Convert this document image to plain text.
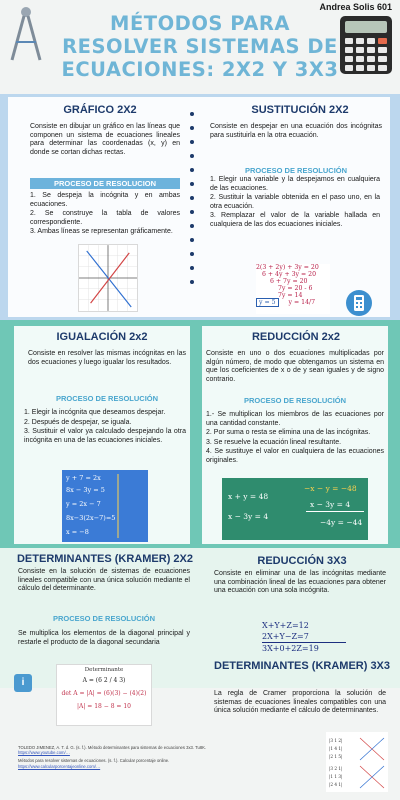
Andrea Solis 601
MÉTODOS PARA
RESOLVER SISTEMAS DE
ECUACIONES: 2X2 Y 3X3
GRÁFICO 2X2
Consiste en dibujar un gráfico en las líneas que componen un sistema de ecuaciones lineales para determinar las coordenadas (x, y) en donde se cortan dichas rectas.
PROCESO DE RESOLUCION

1. Se despeja la incógnita y en ambas ecuaciones.

2. Se construye la tabla de valores correspondiente.

3. Ambas líneas se representan gráficamente.

SUSTITUCIÓN 2X2
Consiste en despejar en una ecuación dos incógnitas para sustituirla en la otra ecuación.
PROCESO DE RESOLUCIÓN

1. Elegir una variable y la despejamos en cualquiera de las ecuaciones.

2. Sustituir la variable obtenida en el paso uno, en la otra ecuación.

3. Remplazar el valor de la variable hallada en cualquiera de las dos ecuaciones iniciales.

2(3 + 2y) + 3y = 20
6 + 4y + 3y = 20
6 + 7y = 20
7y = 20 - 6
7y = 14
y = 5 y = 14/7
IGUALACIÓN 2x2
Consiste en resolver las mismas incógnitas en las dos ecuaciones y luego igualar los resultados.
PROCESO DE RESOLUCIÓN

1. Elegir la incógnita que deseamos despejar.

2. Después de despejar, se iguala.

3. Sustituir el valor ya calculado despejando la otra incógnita en una de las ecuaciones iniciales.

y + 7 = 2x
8x − 3y = 5
y = 2x − 7
8x−3(2x−7)=5
x = −8
REDUCCIÓN 2x2
Consiste en uno o dos ecuaciones multiplicadas por algún número, de modo que obtengamos un sistema en que los coeficientes de x o de y sean iguales y de signo contrario.
PROCESO DE RESOLUCIÓN

1.- Se multiplican los miembros de las ecuaciones por una cantidad constante.

2. Por suma o resta se elimina una de las incógnitas.

3. Se resuelve la ecuación lineal resultante.

4. Se sustituye el valor en cualquiera de las ecuaciones originales.

x + y = 48
x − 3y = 4
−x − y = −48
x − 3y = 4
−4y = −44
DETERMINANTES (KRAMER) 2X2
Consiste en la solución de sistemas de ecuaciones lineales compatible con una única solución mediante el cálculo del determinante.
PROCESO DE RESOLUCIÓN
Se multiplica los elementos de la diagonal principal y restarle el producto de la diagonal secundaria
Determinante
A = (6 2 / 4 3)
det A = |A| = (6)(3) − (4)(2)
|A| = 18 − 8 = 10
i
REDUCCIÓN 3X3
Consiste en eliminar una de las incógnitas mediante una combinación lineal de las ecuaciones para obtener una ecuación con una sola incógnita.
X+Y+Z=12
2X+Y−Z=7
3X+0+2Z=19
DETERMINANTES (KRAMER) 3X3
La regla de Cramer proporciona la solución de sistemas de ecuaciones lineales compatibles con una única solución mediante el cálculo de determinantes.

TOLEDO JIMENEZ, A. T. d. G. (s. f.). Método determinantes para sistemas de ecuaciones 3x3. Tu8K.

https://www.youtube.com/…

Métodos para resolver sistemas de ecuaciones. (s. f.). Calcular porcentaje online.

https://www.calcularporcentajeonline.com/…

|3 1 2|
|1 4 1|
|2 1 5|
|3 2 1|
|1 1 3|
|2 4 1|
